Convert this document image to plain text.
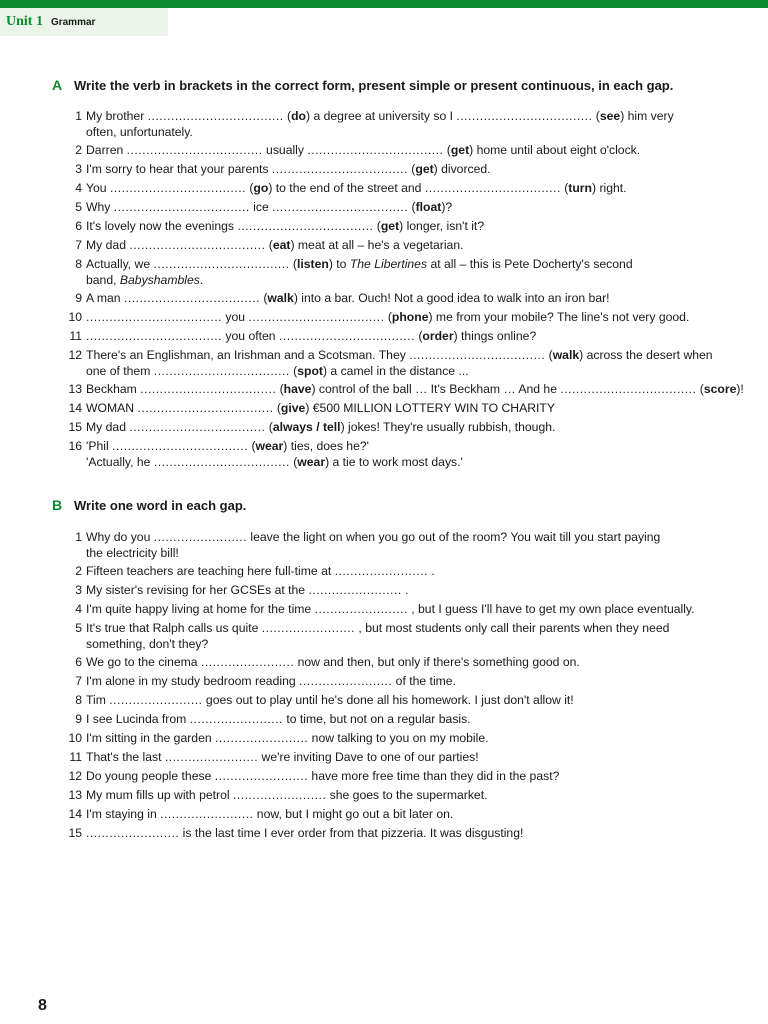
Unit 1 Grammar
A Write the verb in brackets in the correct form, present simple or present continuous, in each gap.
1 My brother ................................... (do) a degree at university so I ................................... (see) him very
often, unfortunately.
2 Darren ................................... usually ................................... (get) home until about eight o'clock.
3 I'm sorry to hear that your parents ................................... (get) divorced.
4 You ................................... (go) to the end of the street and ................................... (turn) right.
5 Why ................................... ice ................................... (float)?
6 It's lovely now the evenings ................................... (get) longer, isn't it?
7 My dad ................................... (eat) meat at all – he's a vegetarian.
8 Actually, we ................................... (listen) to The Libertines at all – this is Pete Docherty's second
band, Babyshambles.
9 A man ................................... (walk) into a bar. Ouch! Not a good idea to walk into an iron bar!
10 ................................... you ................................... (phone) me from your mobile? The line's not very good.
11 ................................... you often ................................... (order) things online?
12 There's an Englishman, an Irishman and a Scotsman. They ................................... (walk) across the desert when
one of them ................................... (spot) a camel in the distance ...
13 Beckham ................................... (have) control of the ball … It's Beckham … And he ................................... (score)!
14 WOMAN ................................... (give) €500 MILLION LOTTERY WIN TO CHARITY
15 My dad ................................... (always / tell) jokes! They're usually rubbish, though.
16 'Phil ................................... (wear) ties, does he?'
'Actually, he ................................... (wear) a tie to work most days.'
B Write one word in each gap.
1 Why do you ........................ leave the light on when you go out of the room? You wait till you start paying
the electricity bill!
2 Fifteen teachers are teaching here full-time at ........................ .
3 My sister's revising for her GCSEs at the ........................ .
4 I'm quite happy living at home for the time ........................ , but I guess I'll have to get my own place eventually.
5 It's true that Ralph calls us quite ........................ , but most students only call their parents when they need
something, don't they?
6 We go to the cinema ........................ now and then, but only if there's something good on.
7 I'm alone in my study bedroom reading ........................ of the time.
8 Tim ........................ goes out to play until he's done all his homework. I just don't allow it!
9 I see Lucinda from ........................ to time, but not on a regular basis.
10 I'm sitting in the garden ........................ now talking to you on my mobile.
11 That's the last ........................ we're inviting Dave to one of our parties!
12 Do young people these ........................ have more free time than they did in the past?
13 My mum fills up with petrol ........................ she goes to the supermarket.
14 I'm staying in ........................ now, but I might go out a bit later on.
15 ........................ is the last time I ever order from that pizzeria. It was disgusting!
8
